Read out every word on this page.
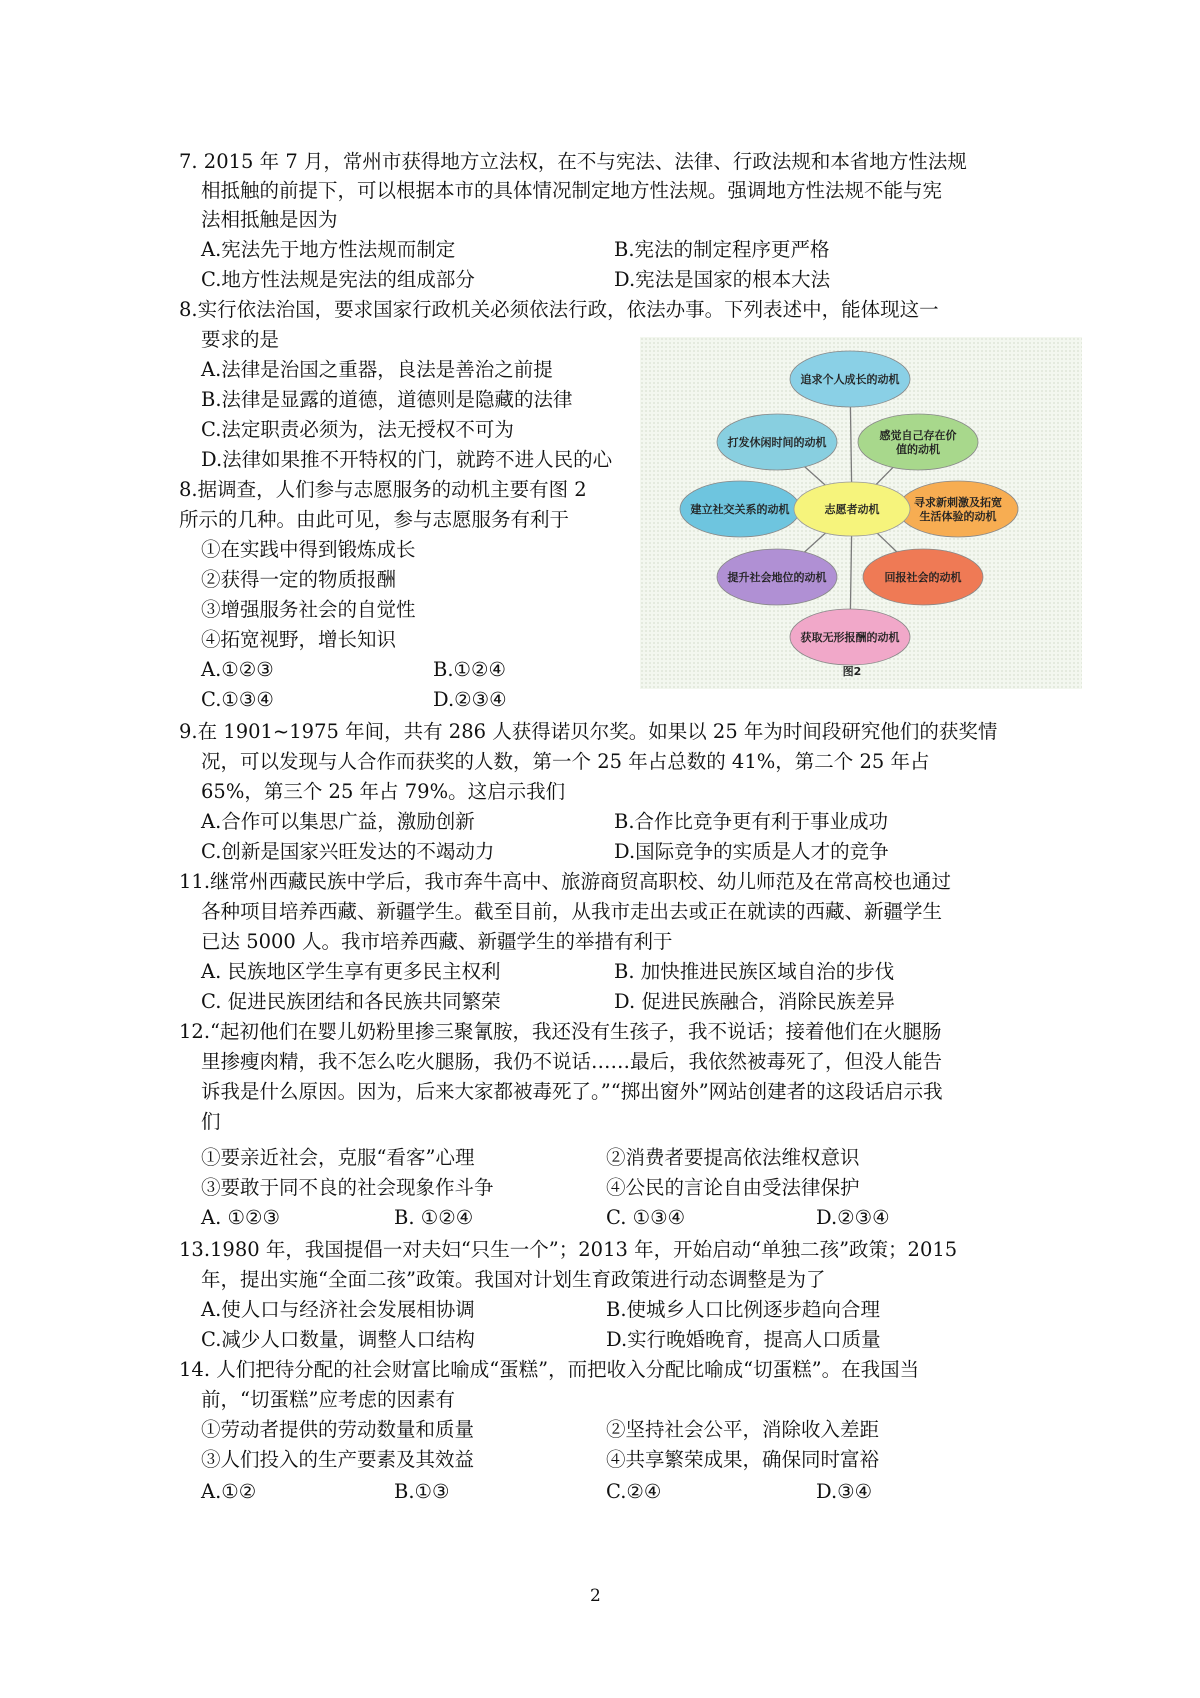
7. 2015 年 7 月，常州市获得地方立法权，在不与宪法、法律、行政法规和本省地方性法规
相抵触的前提下，可以根据本市的具体情况制定地方性法规。强调地方性法规不能与宪
法相抵触是因为
A.宪法先于地方性法规而制定	B.宪法的制定程序更严格
C.地方性法规是宪法的组成部分	D.宪法是国家的根本大法
8.实行依法治国，要求国家行政机关必须依法行政，依法办事。下列表述中，能体现这一
要求的是
A.法律是治国之重器，良法是善治之前提
B.法律是显露的道德，道德则是隐藏的法律
C.法定职责必须为，法无授权不可为
D.法律如果推不开特权的门，就跨不进人民的心
8.据调查，人们参与志愿服务的动机主要有图 2
所示的几种。由此可见，参与志愿服务有利于
①在实践中得到锻炼成长
②获得一定的物质报酬
③增强服务社会的自觉性
④拓宽视野，增长知识
A.①②③	B.①②④
C.①③④	D.②③④
9.在 1901~1975 年间，共有 286 人获得诺贝尔奖。如果以 25 年为时间段研究他们的获奖情
况，可以发现与人合作而获奖的人数，第一个 25 年占总数的 41%，第二个 25 年占
65%，第三个 25 年占 79%。这启示我们
A.合作可以集思广益，激励创新	B.合作比竞争更有利于事业成功
C.创新是国家兴旺发达的不竭动力	D.国际竞争的实质是人才的竞争
11.继常州西藏民族中学后，我市奔牛高中、旅游商贸高职校、幼儿师范及在常高校也通过
各种项目培养西藏、新疆学生。截至目前，从我市走出去或正在就读的西藏、新疆学生
已达 5000 人。我市培养西藏、新疆学生的举措有利于
A. 民族地区学生享有更多民主权利	B. 加快推进民族区域自治的步伐
C. 促进民族团结和各民族共同繁荣	D. 促进民族融合，消除民族差异
12.“起初他们在婴儿奶粉里掺三聚氰胺，我还没有生孩子，我不说话；接着他们在火腿肠
里掺瘦肉精，我不怎么吃火腿肠，我仍不说话……最后，我依然被毒死了，但没人能告
诉我是什么原因。因为，后来大家都被毒死了。”“掷出窗外”网站创建者的这段话启示我
们
①要亲近社会，克服“看客”心理	②消费者要提高依法维权意识
③要敢于同不良的社会现象作斗争	④公民的言论自由受法律保护
A. ①②③	B. ①②④	C. ①③④	D.②③④
13.1980 年，我国提倡一对夫妇“只生一个”；2013 年，开始启动“单独二孩”政策；2015
年，提出实施“全面二孩”政策。我国对计划生育政策进行动态调整是为了
A.使人口与经济社会发展相协调	B.使城乡人口比例逐步趋向合理
C.减少人口数量，调整人口结构	D.实行晚婚晚育，提高人口质量
14. 人们把待分配的社会财富比喻成“蛋糕”，而把收入分配比喻成“切蛋糕”。在我国当
前，“切蛋糕”应考虑的因素有
①劳动者提供的劳动数量和质量	②坚持社会公平，消除收入差距
③人们投入的生产要素及其效益	④共享繁荣成果，确保同时富裕
A.①②	B.①③	C.②④	D.③④
追求个人成长的动机
感觉自己存在价
值的动机
寻求新刺激及拓宽
生活体验的动机
回报社会的动机
获取无形报酬的动机
提升社会地位的动机
建立社交关系的动机
打发休闲时间的动机
志愿者动机
图2
2
